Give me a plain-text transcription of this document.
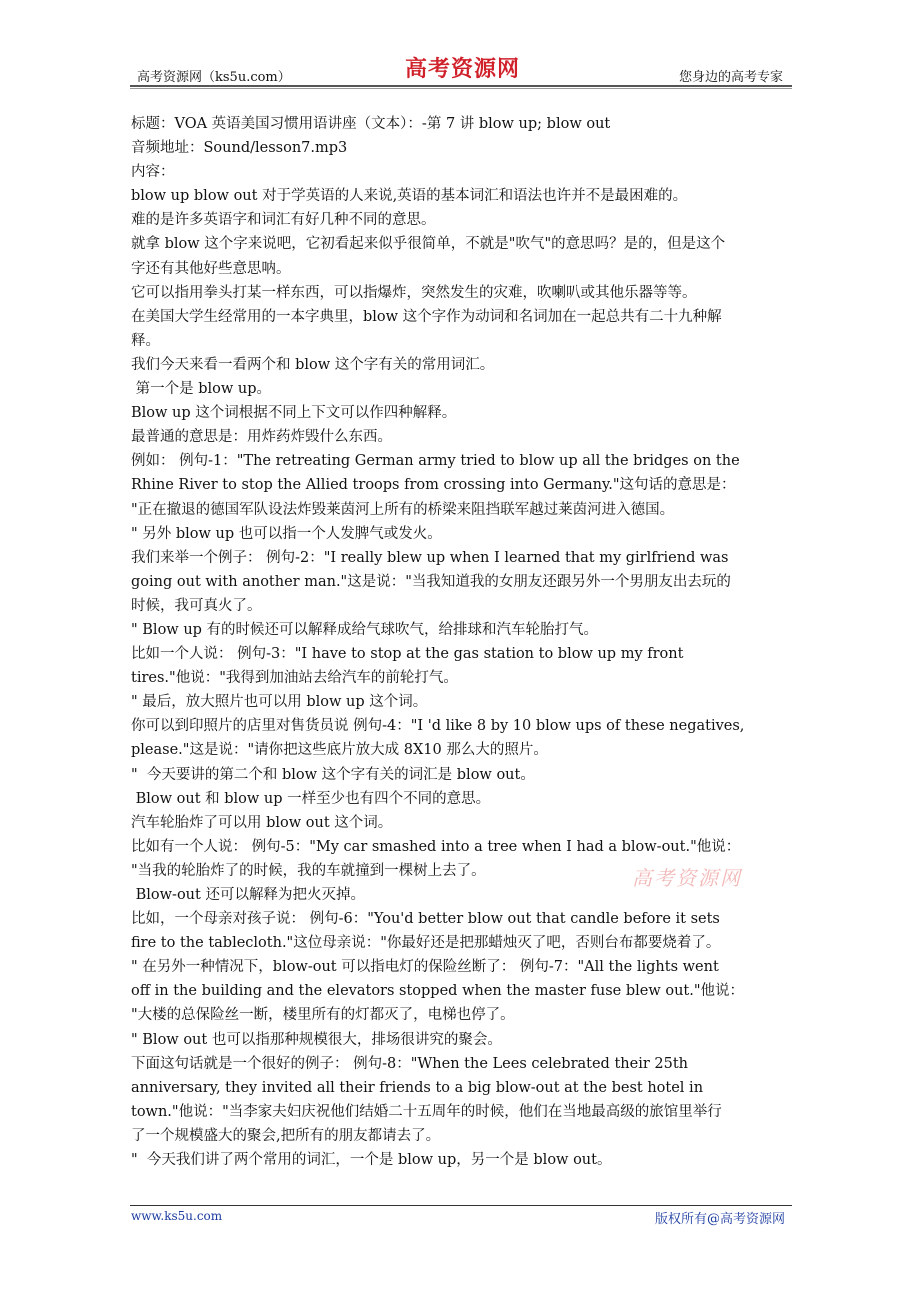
高考资源网（ks5u.com）	高考资源网	您身边的高考专家
标题：VOA 英语美国习惯用语讲座（文本）：-第 7 讲 blow up; blow out
音频地址：Sound/lesson7.mp3
内容：
blow up blow out 对于学英语的人来说,英语的基本词汇和语法也许并不是最困难的。
难的是许多英语字和词汇有好几种不同的意思。
就拿 blow 这个字来说吧，它初看起来似乎很简单，不就是"吹气"的意思吗？是的，但是这个
字还有其他好些意思呐。
它可以指用拳头打某一样东西，可以指爆炸，突然发生的灾难，吹喇叭或其他乐器等等。
在美国大学生经常用的一本字典里，blow 这个字作为动词和名词加在一起总共有二十九种解
释。
我们今天来看一看两个和 blow 这个字有关的常用词汇。
第一个是 blow up。
Blow up 这个词根据不同上下文可以作四种解释。
最普通的意思是：用炸药炸毁什么东西。
例如： 例句-1："The retreating German army tried to blow up all the bridges on the
Rhine River to stop the Allied troops from crossing into Germany."这句话的意思是：
"正在撤退的德国军队设法炸毁莱茵河上所有的桥梁来阻挡联军越过莱茵河进入德国。
" 另外 blow up 也可以指一个人发脾气或发火。
我们来举一个例子： 例句-2："I really blew up when I learned that my girlfriend was
going out with another man."这是说："当我知道我的女朋友还跟另外一个男朋友出去玩的
时候，我可真火了。
" Blow up 有的时候还可以解释成给气球吹气，给排球和汽车轮胎打气。
比如一个人说： 例句-3："I have to stop at the gas station to blow up my front
tires."他说："我得到加油站去给汽车的前轮打气。
" 最后，放大照片也可以用 blow up 这个词。
你可以到印照片的店里对售货员说 例句-4："I 'd like 8 by 10 blow ups of these negatives,
please."这是说："请你把这些底片放大成 8X10 那么大的照片。
"  今天要讲的第二个和 blow 这个字有关的词汇是 blow out。
Blow out 和 blow up 一样至少也有四个不同的意思。
汽车轮胎炸了可以用 blow out 这个词。
比如有一个人说： 例句-5："My car smashed into a tree when I had a blow-out."他说：
"当我的轮胎炸了的时候，我的车就撞到一棵树上去了。
Blow-out 还可以解释为把火灭掉。
比如，一个母亲对孩子说： 例句-6："You'd better blow out that candle before it sets
fire to the tablecloth."这位母亲说："你最好还是把那蜡烛灭了吧，否则台布都要烧着了。
" 在另外一种情况下，blow-out 可以指电灯的保险丝断了： 例句-7："All the lights went
off in the building and the elevators stopped when the master fuse blew out."他说：
"大楼的总保险丝一断，楼里所有的灯都灭了，电梯也停了。
" Blow out 也可以指那种规模很大，排场很讲究的聚会。
下面这句话就是一个很好的例子： 例句-8："When the Lees celebrated their 25th
anniversary, they invited all their friends to a big blow-out at the best hotel in
town."他说："当李家夫妇庆祝他们结婚二十五周年的时候，他们在当地最高级的旅馆里举行
了一个规模盛大的聚会,把所有的朋友都请去了。
"  今天我们讲了两个常用的词汇，一个是 blow up，另一个是 blow out。
高考资源网
www.ks5u.com	版权所有@高考资源网
